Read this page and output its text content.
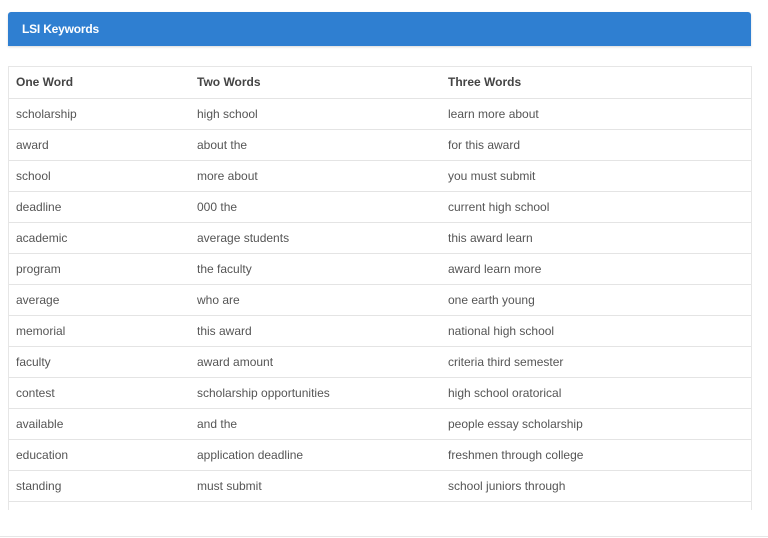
LSI Keywords
One Word	Two Words	Three Words
scholarship	high school	learn more about
award	about the	for this award
school	more about	you must submit
deadline	000 the	current high school
academic	average students	this award learn
program	the faculty	award learn more
average	who are	one earth young
memorial	this award	national high school
faculty	award amount	criteria third semester
contest	scholarship opportunities	high school oratorical
available	and the	people essay scholarship
education	application deadline	freshmen through college
standing	must submit	school juniors through
